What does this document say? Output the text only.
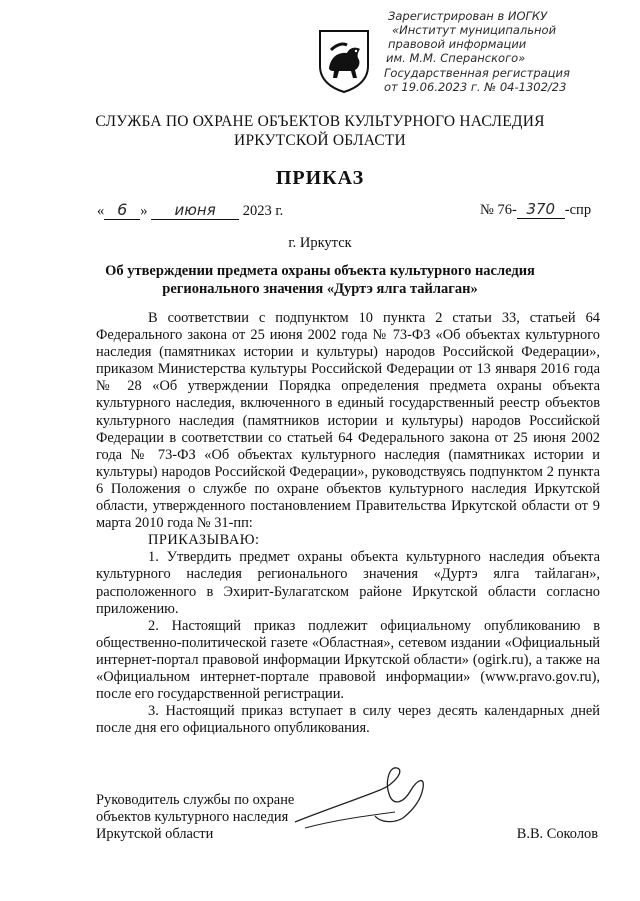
Зарегистрирован в ИОГКУ
«Институт муниципальной
правовой информации
им. М.М. Сперанского»
Государственная регистрация
от 19.06.2023 г. № 04-1302/23
СЛУЖБА ПО ОХРАНЕ ОБЪЕКТОВ КУЛЬТУРНОГО НАСЛЕДИЯ
ИРКУТСКОЙ ОБЛАСТИ
ПРИКАЗ
« 6 » июня 2023 г.	№ 76- 370 -спр
г. Иркутск
Об утверждении предмета охраны объекта культурного наследия
регионального значения «Дуртэ ялга тайлаган»

В соответствии с подпунктом 10 пункта 2 статьи 33, статьей 64 Федерального закона от 25 июня 2002 года № 73-ФЗ «Об объектах культурного наследия (памятниках истории и культуры) народов Российской Федерации», приказом Министерства культуры Российской Федерации от 13 января 2016 года № 28 «Об утверждении Порядка определения предмета охраны объекта культурного наследия, включенного в единый государственный реестр объектов культурного наследия (памятников истории и культуры) народов Российской Федерации в соответствии со статьей 64 Федерального закона от 25 июня 2002 года № 73-ФЗ «Об объектах культурного наследия (памятниках истории и культуры) народов Российской Федерации», руководствуясь подпунктом 2 пункта 6 Положения о службе по охране объектов культурного наследия Иркутской области, утвержденного постановлением Правительства Иркутской области от 9 марта 2010 года № 31-пп:

ПРИКАЗЫВАЮ:

1. Утвердить предмет охраны объекта культурного наследия объекта культурного наследия регионального значения «Дуртэ ялга тайлаган», расположенного в Эхирит-Булагатском районе Иркутской области согласно приложению.

2. Настоящий приказ подлежит официальному опубликованию в общественно-политической газете «Областная», сетевом издании «Официальный интернет-портал правовой информации Иркутской области» (ogirk.ru), а также на «Официальном интернет-портале правовой информации» (www.pravo.gov.ru), после его государственной регистрации.

3. Настоящий приказ вступает в силу через десять календарных дней после дня его официального опубликования.

Руководитель службы по охране
объектов культурного наследия
Иркутской области	В.В. Соколов
